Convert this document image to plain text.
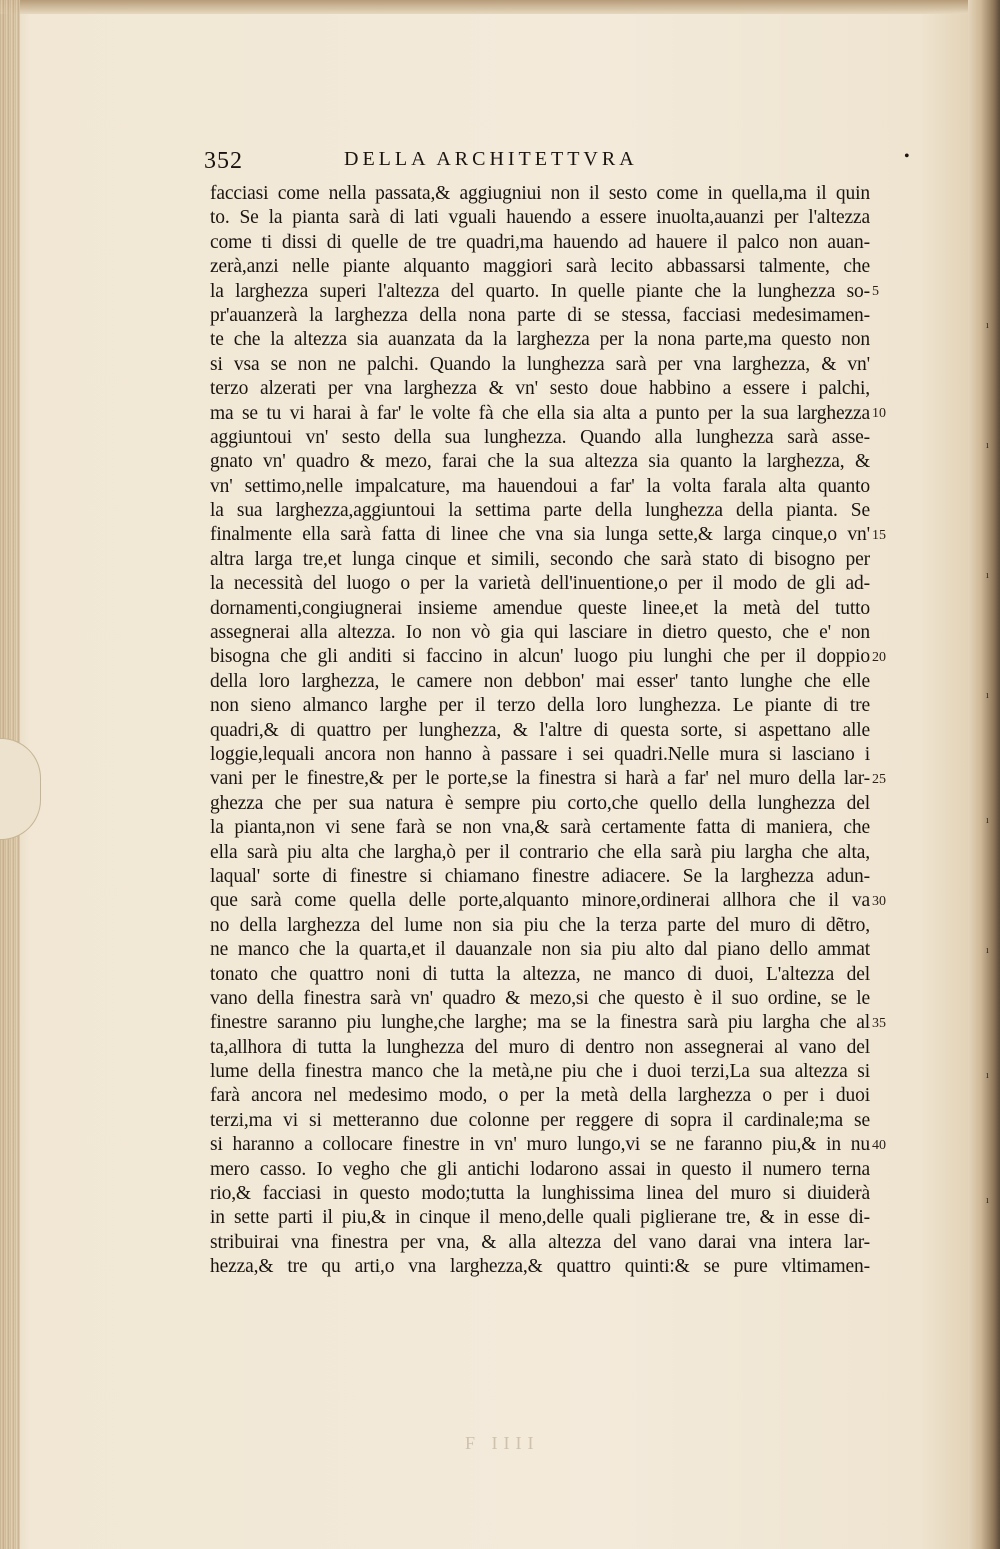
352	DELLA ARCHITETTVRA	•
facciasi come nella passata,& aggiugniui non il sesto come in quella,ma il quin
to. Se la pianta sarà di lati vguali hauendo a essere inuolta,auanzi per l'altezza
come ti dissi di quelle de tre quadri,ma hauendo ad hauere il palco non auan-
zerà,anzi nelle piante alquanto maggiori sarà lecito abbassarsi talmente, che
la larghezza superi l'altezza del quarto. In quelle piante che la lunghezza so-
pr'auanzerà la larghezza della nona parte di se stessa, facciasi medesimamen-
te che la altezza sia auanzata da la larghezza per la nona parte,ma questo non
si vsa se non ne palchi. Quando la lunghezza sarà per vna larghezza, & vn'
terzo alzerati per vna larghezza & vn' sesto doue habbino a essere i palchi,
ma se tu vi harai à far' le volte fà che ella sia alta a punto per la sua larghezza
aggiuntoui vn' sesto della sua lunghezza. Quando alla lunghezza sarà asse-
gnato vn' quadro & mezo, farai che la sua altezza sia quanto la larghezza, &
vn' settimo,nelle impalcature, ma hauendoui a far' la volta farala alta quanto
la sua larghezza,aggiuntoui la settima parte della lunghezza della pianta. Se
finalmente ella sarà fatta di linee che vna sia lunga sette,& larga cinque,o vn'
altra larga tre,et lunga cinque et simili, secondo che sarà stato di bisogno per
la necessità del luogo o per la varietà dell'inuentione,o per il modo de gli ad-
dornamenti,congiugnerai insieme amendue queste linee,et la metà del tutto
assegnerai alla altezza. Io non vò gia qui lasciare in dietro questo, che e' non
bisogna che gli anditi si faccino in alcun' luogo piu lunghi che per il doppio
della loro larghezza, le camere non debbon' mai esser' tanto lunghe che elle
non sieno almanco larghe per il terzo della loro lunghezza. Le piante di tre
quadri,& di quattro per lunghezza, & l'altre di questa sorte, si aspettano alle
loggie,lequali ancora non hanno à passare i sei quadri.Nelle mura si lasciano i
vani per le finestre,& per le porte,se la finestra si harà a far' nel muro della lar-
ghezza che per sua natura è sempre piu corto,che quello della lunghezza del
la pianta,non vi sene farà se non vna,& sarà certamente fatta di maniera, che
ella sarà piu alta che largha,ò per il contrario che ella sarà piu largha che alta,
laqual' sorte di finestre si chiamano finestre adiacere. Se la larghezza adun-
que sarà come quella delle porte,alquanto minore,ordinerai allhora che il va
no della larghezza del lume non sia piu che la terza parte del muro di dẽtro,
ne manco che la quarta,et il dauanzale non sia piu alto dal piano dello ammat
tonato che quattro noni di tutta la altezza, ne manco di duoi, L'altezza del
vano della finestra sarà vn' quadro & mezo,si che questo è il suo ordine, se le
finestre saranno piu lunghe,che larghe; ma se la finestra sarà piu largha che al
ta,allhora di tutta la lunghezza del muro di dentro non assegnerai al vano del
lume della finestra manco che la metà,ne piu che i duoi terzi,La sua altezza si
farà ancora nel medesimo modo, o per la metà della larghezza o per i duoi
terzi,ma vi si metteranno due colonne per reggere di sopra il cardinale;ma se
si haranno a collocare finestre in vn' muro lungo,vi se ne faranno piu,& in nu
mero casso. Io vegho che gli antichi lodarono assai in questo il numero terna
rio,& facciasi in questo modo;tutta la lunghissima linea del muro si diuiderà
in sette parti il piu,& in cinque il meno,delle quali piglierane tre, & in esse di-
stribuirai vna finestra per vna, & alla altezza del vano darai vna intera lar-
hezza,& tre qu arti,o vna larghezza,& quattro quinti:& se pure vltimamen-
F IIII
5
10
15
20
25
30
35
40
ı
ı
ı
ı
ı
ı
ı
ı
